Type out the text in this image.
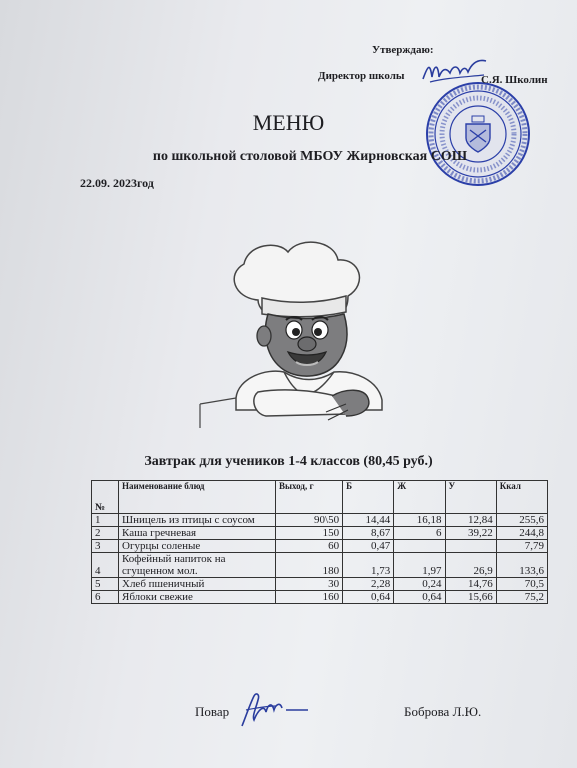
Утверждаю:
Директор школы	С.Я. Школин
МЕНЮ
по школьной столовой МБОУ Жирновская СОШ
22.09. 2023год
Завтрак для учеников 1-4 классов (80,45 руб.)
№	Наименование блюд	Выход, г	Б	Ж	У	Ккал
1	Шницель из птицы с соусом	90\50	14,44	16,18	12,84	255,6
2	Каша гречневая	150	8,67	6	39,22	244,8
3	Огурцы соленые	60	0,47			7,79
4	Кофейный напиток на сгущенном мол.	180	1,73	1,97	26,9	133,6
5	Хлеб пшеничный	30	2,28	0,24	14,76	70,5
6	Яблоки свежие	160	0,64	0,64	15,66	75,2
Повар	Боброва Л.Ю.
